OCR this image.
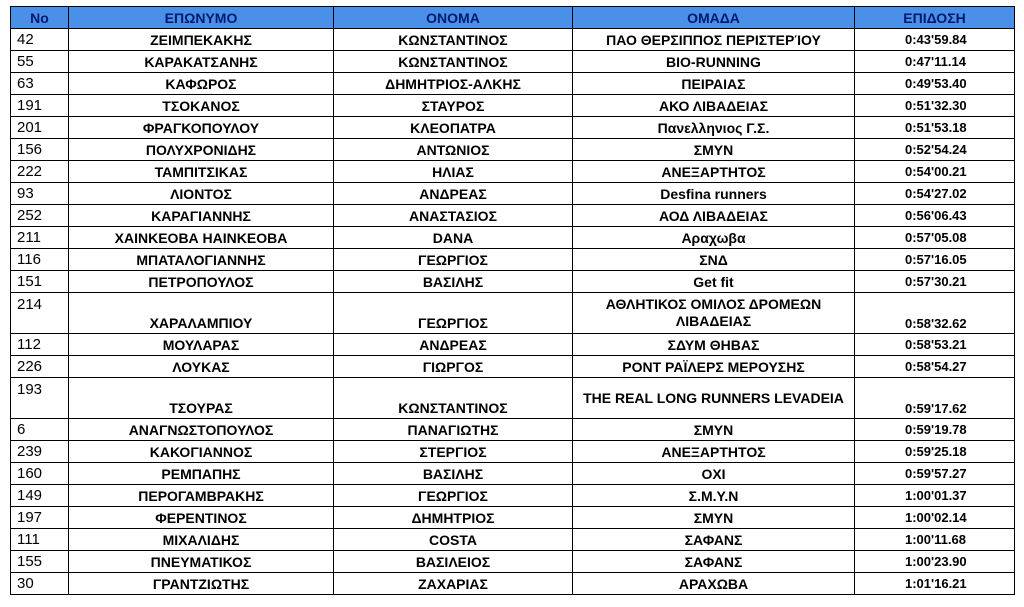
No	ΕΠΩΝΥΜΟ	ΟΝΟΜΑ	ΟΜΑΔΑ	ΕΠΙΔΟΣΗ
42	ΖΕΙΜΠΕΚΑΚΗΣ	ΚΩΝΣΤΑΝΤΙΝΟΣ	ΠΑΟ ΘΕΡΣΙΠΠΟΣ ΠΕΡΙΣΤΕΡΊΟΥ	0:43'59.84
55	ΚΑΡΑΚΑΤΣΑΝΗΣ	ΚΩΝΣΤΑΝΤΙΝΟΣ	BIO-RUNNING	0:47'11.14
63	ΚΑΦΩΡΟΣ	ΔΗΜΗΤΡΙΟΣ-ΑΛΚΗΣ	ΠΕΙΡΑΙΑΣ	0:49'53.40
191	ΤΣΟΚΑΝΟΣ	ΣΤΑΥΡΟΣ	ΑΚΟ ΛΙΒΑΔΕΙΑΣ	0:51'32.30
201	ΦΡΑΓΚΟΠΟΥΛΟΥ	ΚΛΕΟΠΑΤΡΑ	Πανελληνιος Γ.Σ.	0:51'53.18
156	ΠΟΛΥΧΡΟΝΙΔΗΣ	ΑΝΤΩΝΙΟΣ	ΣΜΥΝ	0:52'54.24
222	ΤΑΜΠΙΤΣΙΚΑΣ	ΗΛΙΑΣ	ΑΝΕΞΑΡΤΗΤΟΣ	0:54'00.21
93	ΛΙΟΝΤΟΣ	ΑΝΔΡΕΑΣ	Desfina runners	0:54'27.02
252	ΚΑΡΑΓΙΑΝΝΗΣ	ΑΝΑΣΤΑΣΙΟΣ	ΑΟΔ ΛΙΒΑΔΕΙΑΣ	0:56'06.43
211	ΧΑΙΝΚΕΟΒΑ ΗΑΙΝΚΕΟΒΑ	DANA	Αραχωβα	0:57'05.08
116	ΜΠΑΤΑΛΟΓΙΑΝΝΗΣ	ΓΕΩΡΓΙΟΣ	ΣΝΔ	0:57'16.05
151	ΠΕΤΡΟΠΟΥΛΟΣ	ΒΑΣΙΛΗΣ	Get fit	0:57'30.21
214	ΧΑΡΑΛΑΜΠΙΟΥ	ΓΕΩΡΓΙΟΣ	ΑΘΛΗΤΙΚΟΣ ΟΜΙΛΟΣ ΔΡΟΜΕΩΝ ΛΙΒΑΔΕΙΑΣ	0:58'32.62
112	ΜΟΥΛΑΡΑΣ	ΑΝΔΡΕΑΣ	ΣΔΥΜ ΘΗΒΑΣ	0:58'53.21
226	ΛΟΥΚΑΣ	ΓΙΩΡΓΟΣ	ΡΟΝΤ ΡΑΪΛΕΡΣ ΜΕΡΟΥΣΗΣ	0:58'54.27
193	ΤΣΟΥΡΑΣ	ΚΩΝΣΤΑΝΤΙΝΟΣ	THE REAL LONG RUNNERS LEVADEIA	0:59'17.62
6	ΑΝΑΓΝΩΣΤΟΠΟΥΛΟΣ	ΠΑΝΑΓΙΩΤΗΣ	ΣΜΥΝ	0:59'19.78
239	ΚΑΚΟΓΙΑΝΝΟΣ	ΣΤΕΡΓΙΟΣ	ΑΝΕΞΑΡΤΗΤΟΣ	0:59'25.18
160	ΡΕΜΠΑΠΗΣ	ΒΑΣΙΛΗΣ	ΟΧΙ	0:59'57.27
149	ΠΕΡΟΓΑΜΒΡΑΚΗΣ	ΓΕΩΡΓΙΟΣ	Σ.Μ.Υ.Ν	1:00'01.37
197	ΦΕΡΕΝΤΙΝΟΣ	ΔΗΜΗΤΡΙΟΣ	ΣΜΥΝ	1:00'02.14
111	ΜΙΧΑΛΙΔΗΣ	COSTA	ΣΑΦΑΝΣ	1:00'11.68
155	ΠΝΕΥΜΑΤΙΚΟΣ	ΒΑΣΙΛΕΙΟΣ	ΣΑΦΑΝΣ	1:00'23.90
30	ΓΡΑΝΤΖΙΩΤΗΣ	ΖΑΧΑΡΙΑΣ	ΑΡΑΧΩΒΑ	1:01'16.21
